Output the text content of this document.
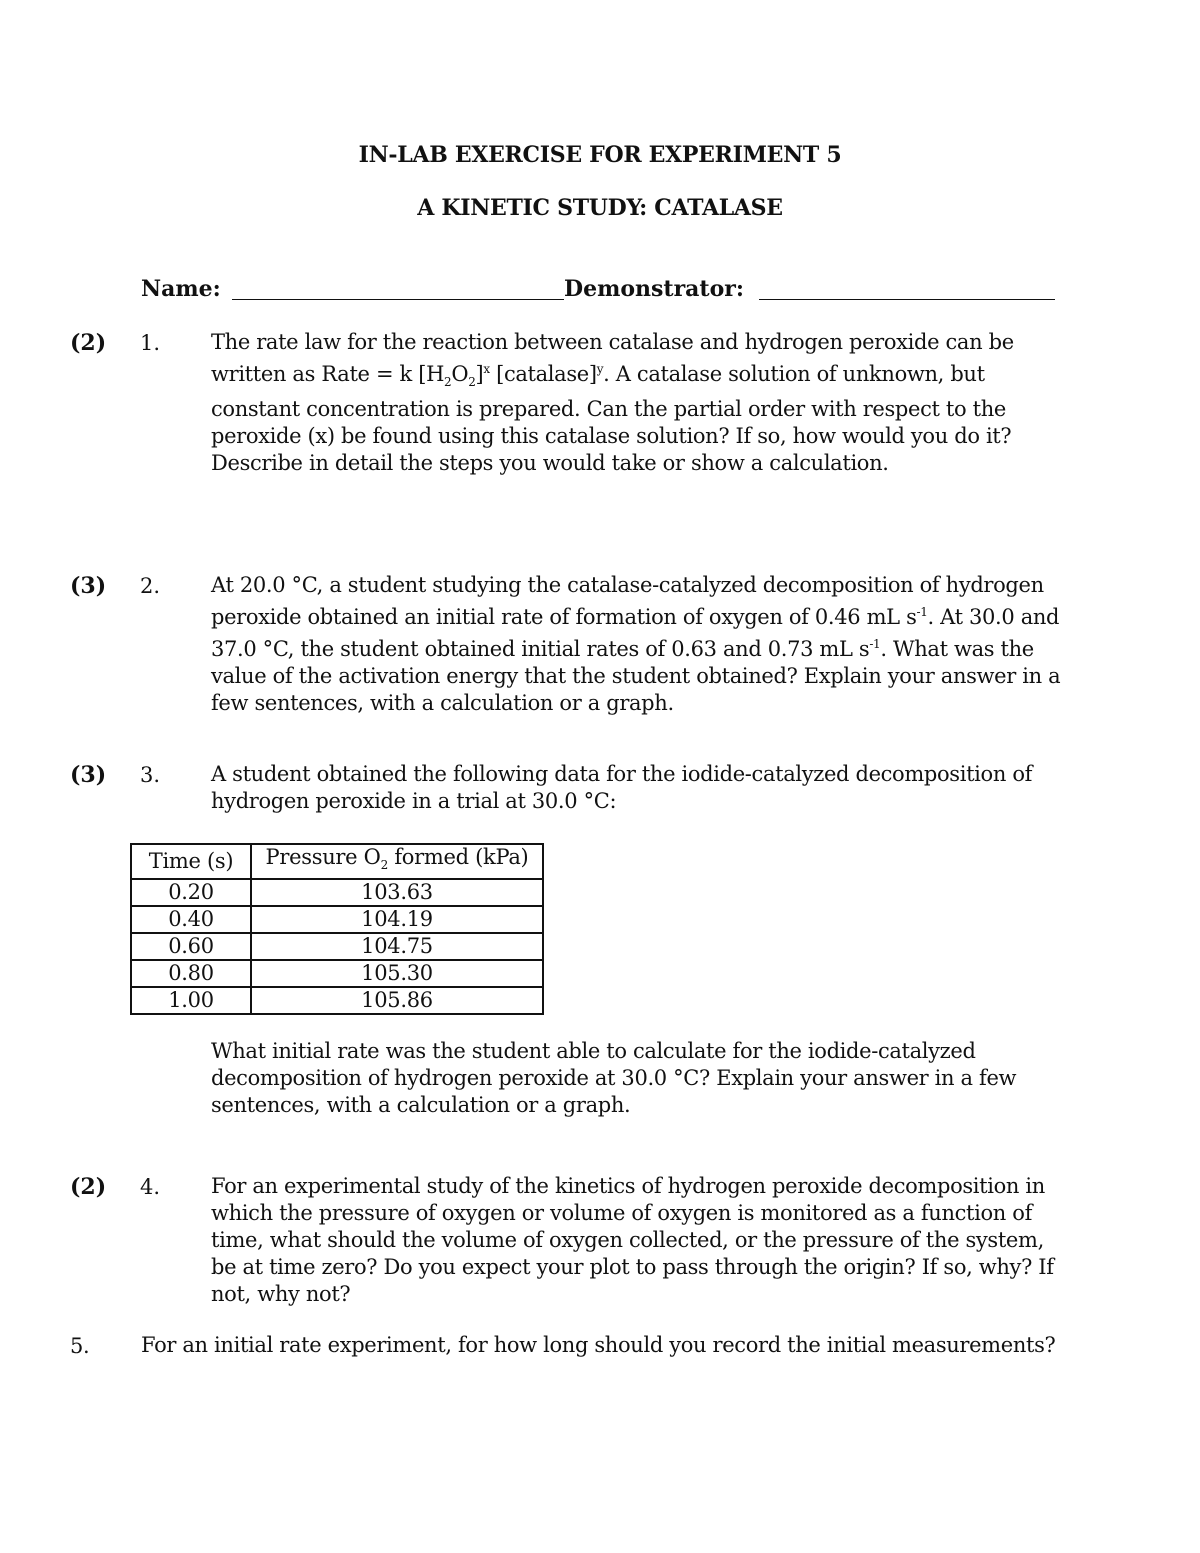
IN-LAB EXERCISE FOR EXPERIMENT 5
A KINETIC STUDY: CATALASE
Name:	Demonstrator:
(2) 1. The rate law for the reaction between catalase and hydrogen peroxide can be written as Rate = k $[H_2O_2]^x$ [catalase]$^y$. A catalase solution of unknown, but constant concentration is prepared. Can the partial order with respect to the peroxide (x) be found using this catalase solution? If so, how would you do it? Describe in detail the steps you would take or show a calculation.
(3) 2. At 20.0 °C, a student studying the catalase-catalyzed decomposition of hydrogen peroxide obtained an initial rate of formation of oxygen of 0.46 mL $s^{-1}$. At 30.0 and 37.0 °C, the student obtained initial rates of 0.63 and 0.73 mL $s^{-1}$. What was the value of the activation energy that the student obtained? Explain your answer in a few sentences, with a calculation or a graph.
(3) 3. A student obtained the following data for the iodide-catalyzed decomposition of hydrogen peroxide in a trial at 30.0 °C:
Time (s)	Pressure $O_2$ formed (kPa)
0.20	103.63
0.40	104.19
0.60	104.75
0.80	105.30
1.00	105.86
What initial rate was the student able to calculate for the iodide-catalyzed decomposition of hydrogen peroxide at 30.0 °C? Explain your answer in a few sentences, with a calculation or a graph.
(2) 4. For an experimental study of the kinetics of hydrogen peroxide decomposition in which the pressure of oxygen or volume of oxygen is monitored as a function of time, what should the volume of oxygen collected, or the pressure of the system, be at time zero? Do you expect your plot to pass through the origin? If so, why? If not, why not?
5. For an initial rate experiment, for how long should you record the initial measurements?
